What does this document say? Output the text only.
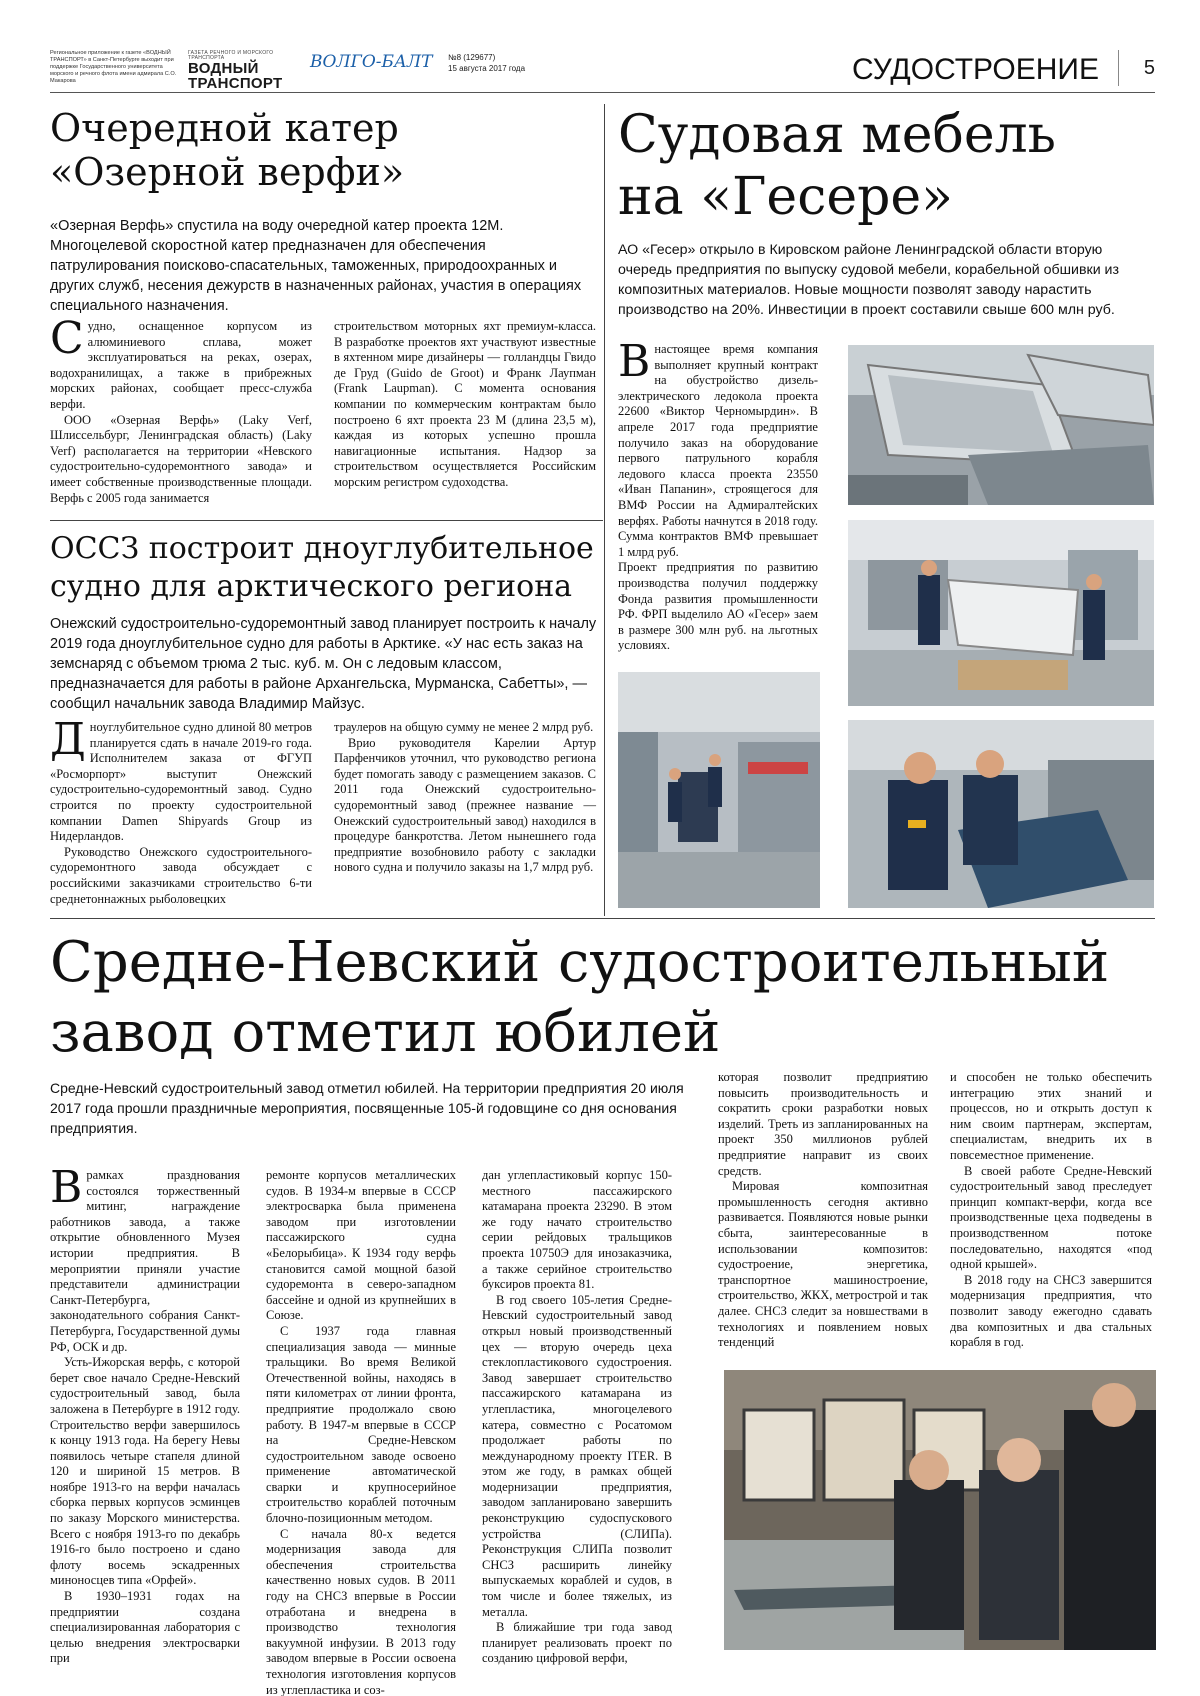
Региональное приложение к газете «ВОДНЫЙ ТРАНСПОРТ» в Санкт-Петербурге выходит при поддержке Государственного университета морского и речного флота имени адмирала С.О. Макарова
ГАЗЕТА РЕЧНОГО И МОРСКОГО ТРАНСПОРТА
ВОДНЫЙ
ТРАНСПОРТ
ВОЛГО-БАЛТ №8 (129677)
15 августа 2017 года	СУДОСТРОЕНИЕ 5
Очередной катер
«Озерной верфи»

«Озерная Верфь» спустила на воду очередной катер проекта 12М. Многоцелевой скоростной катер предназначен для обеспечения патрулирования поисково-спасательных, таможенных, природоохранных и других служб, несения дежурств в назначенных районах, участия в операциях специального назначения.

Судно, оснащенное корпусом из алюминиевого сплава, может эксплуатироваться на реках, озерах, водохранилищах, а также в прибрежных морских районах, сообщает пресс-служба верфи.

ООО «Озерная Верфь» (Laky Verf, Шлиссельбург, Ленинградская область) (Laky Verf) располагается на территории «Невского судостроительно-судоремонтного завода» и имеет собственные производственные площади. Верфь с 2005 года занимается

строительством моторных яхт премиум-класса. В разработке проектов яхт участвуют известные в яхтенном мире дизайнеры — голландцы Гвидо де Груд (Guido de Groot) и Франк Лаупман (Frank Laupman). С момента основания компании по коммерческим контрактам было построено 6 яхт проекта 23 М (длина 23,5 м), каждая из которых успешно прошла навигационные испытания. Надзор за строительством осуществляется Российским морским регистром судоходства.

ОССЗ построит дноуглубительное
судно для арктического региона

Онежский судостроительно-судоремонтный завод планирует построить к началу 2019 года дноуглубительное судно для работы в Арктике. «У нас есть заказ на земснаряд с объемом трюма 2 тыс. куб. м. Он с ледовым классом, предназначается для работы в районе Архангельска, Мурманска, Сабетты», — сообщил начальник завода Владимир Майзус.

Дноуглубительное судно длиной 80 метров планируется сдать в начале 2019-го года. Исполнителем заказа от ФГУП «Росморпорт» выступит Онежский судостроительно-судоремонтный завод. Судно строится по проекту судостроительной компании Damen Shipyards Group из Нидерландов.

Руководство Онежского судостроительного-судоремонтного завода обсуждает с российскими заказчиками строительство 6-ти среднетоннажных рыболовецких

траулеров на общую сумму не менее 2 млрд руб.

Врио руководителя Карелии Артур Парфенчиков уточнил, что руководство региона будет помогать заводу с размещением заказов. С 2011 года Онежский судостроительно-судоремонтный завод (прежнее название — Онежский судостроительный завод) находился в процедуре банкротства. Летом нынешнего года предприятие возобновило работу с закладки нового судна и получило заказы на 1,7 млрд руб.

Судовая мебель
на «Гесере»

АО «Гесер» открыло в Кировском районе Ленинградской области вторую очередь предприятия по выпуску судовой мебели, корабельной обшивки из композитных материалов. Новые мощности позволят заводу нарастить производство на 20%. Инвестиции в проект составили свыше 600 млн руб.

Внастоящее время компания выполняет крупный контракт на обустройство дизель-электрического ледокола проекта 22600 «Виктор Черномырдин». В апреле 2017 года предприятие получило заказ на оборудование первого патрульного корабля ледового класса проекта 23550 «Иван Папанин», строящегося для ВМФ России на Адмиралтейских верфях. Работы начнутся в 2018 году. Сумма контрактов ВМФ превышает 1 млрд руб.

Проект предприятия по развитию производства получил поддержку Фонда развития промышленности РФ. ФРП выделило АО «Гесер» заем в размере 300 млн руб. на льготных условиях.

Средне-Невский судостроительный
завод отметил юбилей

Средне-Невский судостроительный завод отметил юбилей. На территории предприятия 20 июля 2017 года прошли праздничные мероприятия, посвященные 105-й годовщине со дня основания предприятия.

Врамках празднования состоялся торжественный митинг, награждение работников завода, а также открытие обновленного Музея истории предприятия. В мероприятии приняли участие представители администрации Санкт-Петербурга, законодательного собрания Санкт-Петербурга, Государственной думы РФ, ОСК и др.

Усть-Ижорская верфь, с которой берет свое начало Средне-Невский судостроительный завод, была заложена в Петербурге в 1912 году. Строительство верфи завершилось к концу 1913 года. На берегу Невы появилось четыре стапеля длиной 120 и шириной 15 метров. В ноябре 1913-го на верфи началась сборка первых корпусов эсминцев по заказу Морского министерства. Всего с ноября 1913-го по декабрь 1916-го было построено и сдано флоту восемь эскадренных миноносцев типа «Орфей».

В 1930–1931 годах на предприятии создана специализированная лаборатория с целью внедрения электросварки при

ремонте корпусов металлических судов. В 1934-м впервые в СССР электросварка была применена заводом при изготовлении пассажирского судна «Белорыбица». К 1934 году верфь становится самой мощной базой судоремонта в северо-западном бассейне и одной из крупнейших в Союзе.

С 1937 года главная специализация завода — минные тральщики. Во время Великой Отечественной войны, находясь в пяти километрах от линии фронта, предприятие продолжало свою работу. В 1947-м впервые в СССР на Средне-Невском судостроительном заводе освоено применение автоматической сварки и крупносерийное строительство кораблей поточным блочно-позиционным методом.

С начала 80-х ведется модернизация завода для обеспечения строительства качественно новых судов. В 2011 году на СНСЗ впервые в России отработана и внедрена в производство технология вакуумной инфузии. В 2013 году заводом впервые в России освоена технология изготовления корпусов из углепластика и соз-

дан углепластиковый корпус 150-местного пассажирского катамарана проекта 23290. В этом же году начато строительство серии рейдовых тральщиков проекта 10750Э для инозаказчика, а также серийное строительство буксиров проекта 81.

В год своего 105-летия Средне-Невский судостроительный завод открыл новый производственный цех — вторую очередь цеха стеклопластикового судостроения. Завод завершает строительство пассажирского катамарана из углепластика, многоцелевого катера, совместно с Росатомом продолжает работы по международному проекту ITER. В этом же году, в рамках общей модернизации предприятия, заводом запланировано завершить реконструкцию судоспускового устройства (СЛИПа). Реконструкция СЛИПа позволит СНСЗ расширить линейку выпускаемых кораблей и судов, в том числе и более тяжелых, из металла.

В ближайшие три года завод планирует реализовать проект по созданию цифровой верфи,

которая позволит предприятию повысить производительность и сократить сроки разработки новых изделий. Треть из запланированных на проект 350 миллионов рублей предприятие направит из своих средств.

Мировая композитная промышленность сегодня активно развивается. Появляются новые рынки сбыта, заинтересованные в использовании композитов: судостроение, энергетика, транспортное машиностроение, строительство, ЖКХ, метрострой и так далее. СНСЗ следит за новшествами в технологиях и появлением новых тенденций

и способен не только обеспечить интеграцию этих знаний и процессов, но и открыть доступ к ним своим партнерам, экспертам, специалистам, внедрить их в повсеместное применение.

В своей работе Средне-Невский судостроительный завод преследует принцип компакт-верфи, когда все производственные цеха подведены в производственном потоке последовательно, находятся «под одной крышей».

В 2018 году на СНСЗ завершится модернизация предприятия, что позволит заводу ежегодно сдавать два композитных и два стальных корабля в год.
